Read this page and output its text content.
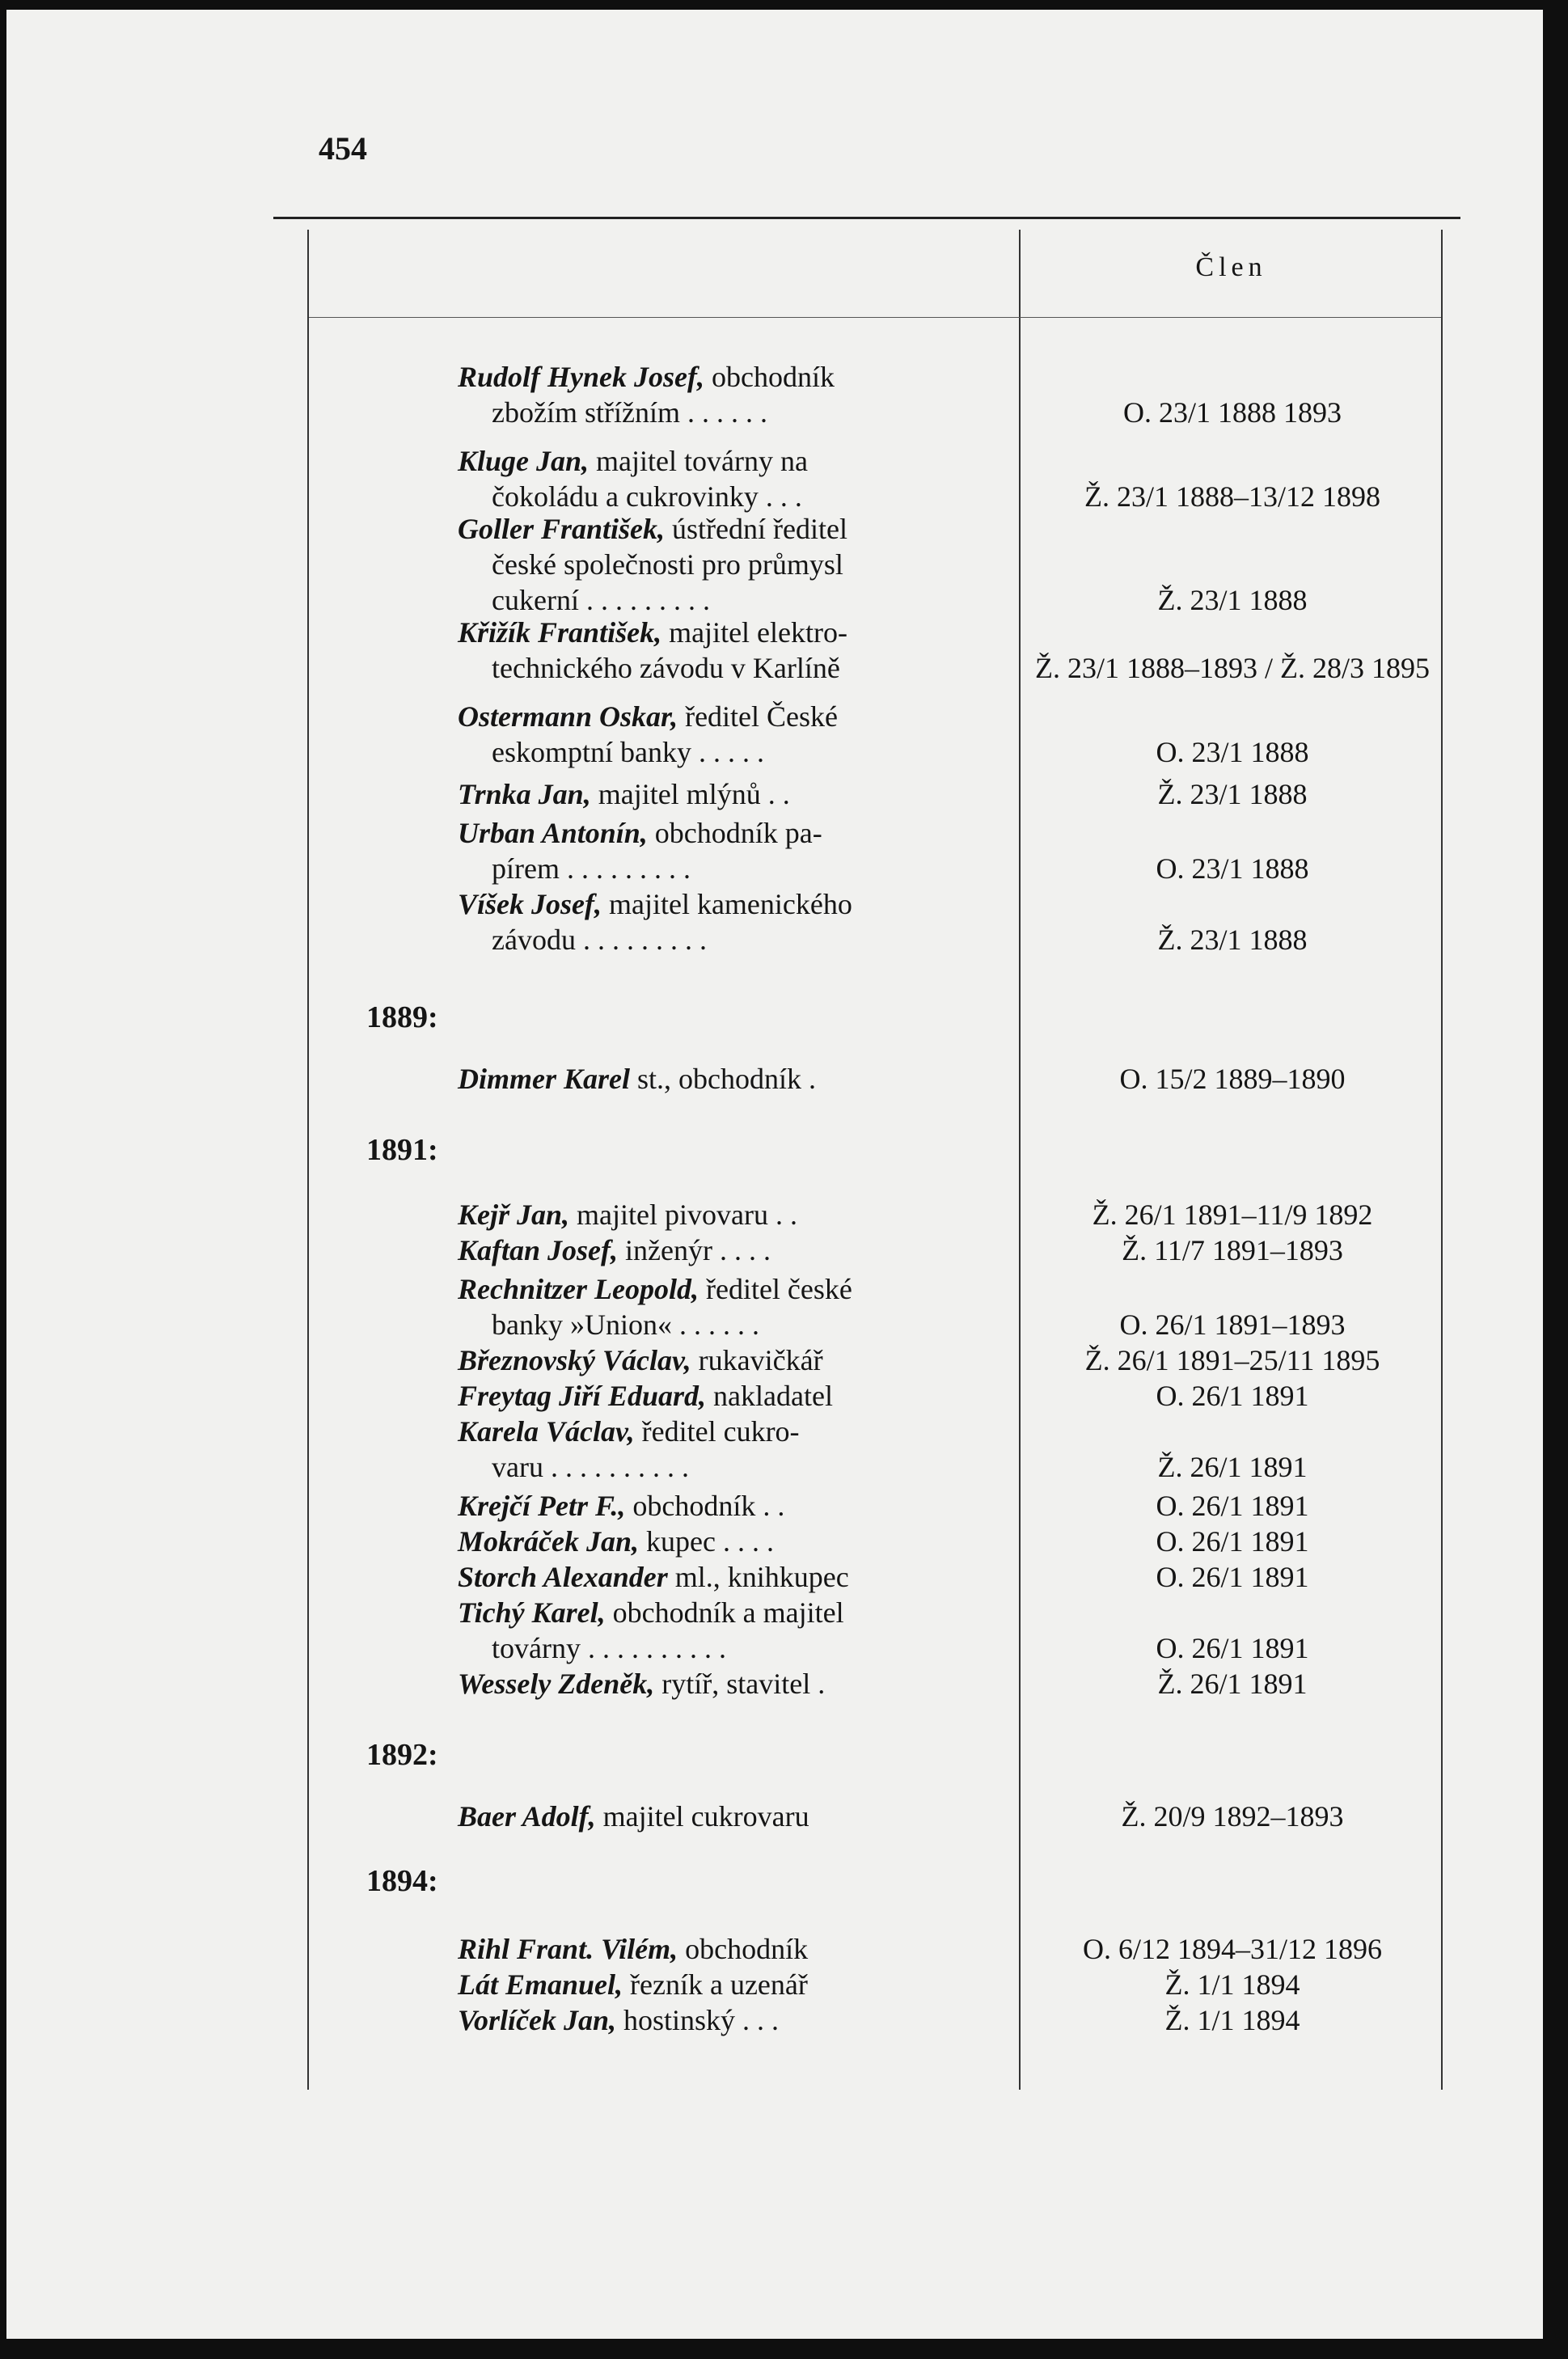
454
Člen
Rudolf Hynek Josef, obchodník
zbožím střížním . . . . . .	O. 23/1 1888 1893
Kluge Jan, majitel továrny na
čokoládu a cukrovinky . . .	Ž. 23/1 1888–13/12 1898
Goller František, ústřední ředitel
české společnosti pro průmysl
cukerní . . . . . . . . .	Ž. 23/1 1888
Křižík František, majitel elektro-
technického závodu v Karlíně	Ž. 23/1 1888–1893 / Ž. 28/3 1895
Ostermann Oskar, ředitel České
eskomptní banky . . . . .	O. 23/1 1888
Trnka Jan, majitel mlýnů . .	Ž. 23/1 1888
Urban Antonín, obchodník pa-
pírem . . . . . . . . .	O. 23/1 1888
Víšek Josef, majitel kamenického
závodu . . . . . . . . .	Ž. 23/1 1888
1889:
Dimmer Karel st., obchodník .	O. 15/2 1889–1890
1891:
Kejř Jan, majitel pivovaru . .	Ž. 26/1 1891–11/9 1892
Kaftan Josef, inženýr . . . .	Ž. 11/7 1891–1893
Rechnitzer Leopold, ředitel české
banky »Union« . . . . . .	O. 26/1 1891–1893
Březnovský Václav, rukavičkář	Ž. 26/1 1891–25/11 1895
Freytag Jiří Eduard, nakladatel	O. 26/1 1891
Karela Václav, ředitel cukro-
varu . . . . . . . . . .	Ž. 26/1 1891
Krejčí Petr F., obchodník . .	O. 26/1 1891
Mokráček Jan, kupec . . . .	O. 26/1 1891
Storch Alexander ml., knihkupec	O. 26/1 1891
Tichý Karel, obchodník a majitel
továrny . . . . . . . . . .	O. 26/1 1891
Wessely Zdeněk, rytíř, stavitel .	Ž. 26/1 1891
1892:
Baer Adolf, majitel cukrovaru	Ž. 20/9 1892–1893
1894:
Rihl Frant. Vilém, obchodník	O. 6/12 1894–31/12 1896
Lát Emanuel, řezník a uzenář	Ž. 1/1 1894
Vorlíček Jan, hostinský . . .	Ž. 1/1 1894
